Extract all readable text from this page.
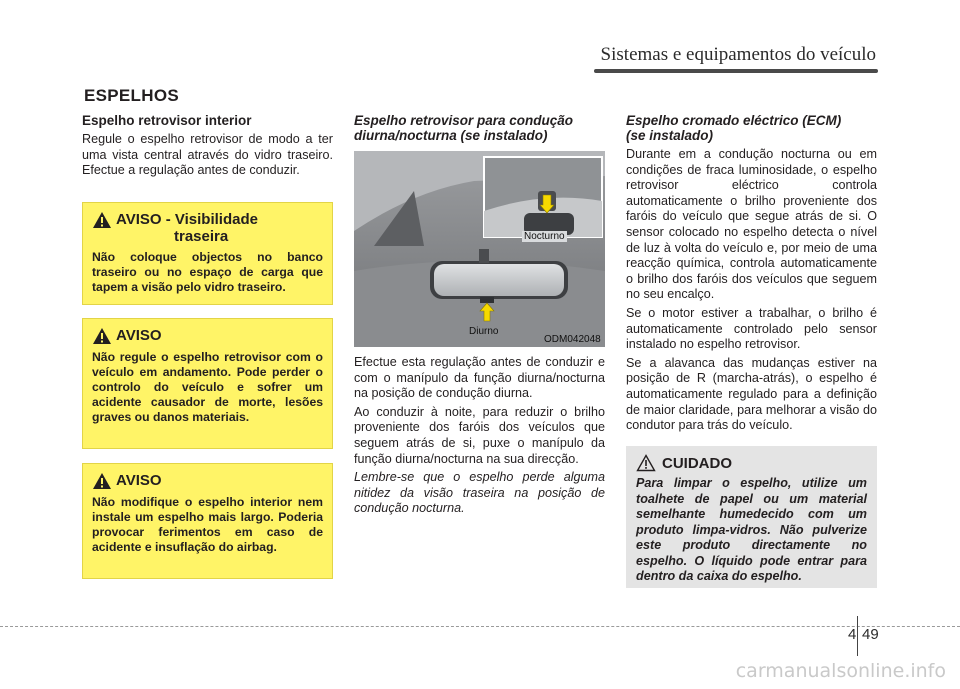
Sistemas e equipamentos do veículo
ESPELHOS
Espelho retrovisor interior

Regule o espelho retrovisor de modo a ter uma vista central através do vidro traseiro. Efectue a regulação antes de conduzir.

AVISO - Visibilidade
traseira
Não coloque objectos no banco traseiro ou no espaço de carga que tapem a visão pelo vidro traseiro.
AVISO
Não regule o espelho retrovisor com o veículo em andamento. Pode perder o controlo do veículo e sofrer um acidente causador de morte, lesões graves ou danos materiais.
AVISO
Não modifique o espelho interior nem instale um espelho mais largo. Poderia provocar ferimentos em caso de acidente e insuflação do airbag.
Espelho retrovisor para condução diurna/nocturna (se instalado)
Nocturno
Diurno
ODM042048

Efectue esta regulação antes de conduzir e com o manípulo da função diurna/nocturna na posição de condução diurna.

Ao conduzir à noite, para reduzir o brilho proveniente dos faróis dos veículos que seguem atrás de si, puxe o manípulo da função diurna/nocturna na sua direcção.

Lembre-se que o espelho perde alguma nitidez da visão traseira na posição de condução nocturna.

Espelho cromado eléctrico (ECM)
(se instalado)

Durante em a condução nocturna ou em condições de fraca luminosidade, o espelho retrovisor eléctrico controla automaticamente o brilho proveniente dos faróis do veículo que segue atrás de si. O sensor colocado no espelho detecta o nível de luz à volta do veículo e, por meio de uma reacção química, controla automaticamente o brilho dos faróis dos veículos que seguem no seu encalço.

Se o motor estiver a trabalhar, o brilho é automaticamente controlado pelo sensor instalado no espelho retrovisor.

Se a alavanca das mudanças estiver na posição de R (marcha-atrás), o espelho é automaticamente regulado para a definição de maior claridade, para melhorar a visão do condutor para trás do veículo.

CUIDADO
Para limpar o espelho, utilize um toalhete de papel ou um material semelhante humedecido com um produto limpa-vidros. Não pulverize este produto directamente no espelho. O líquido pode entrar para dentro da caixa do espelho.
4 49
carmanualsonline.info
